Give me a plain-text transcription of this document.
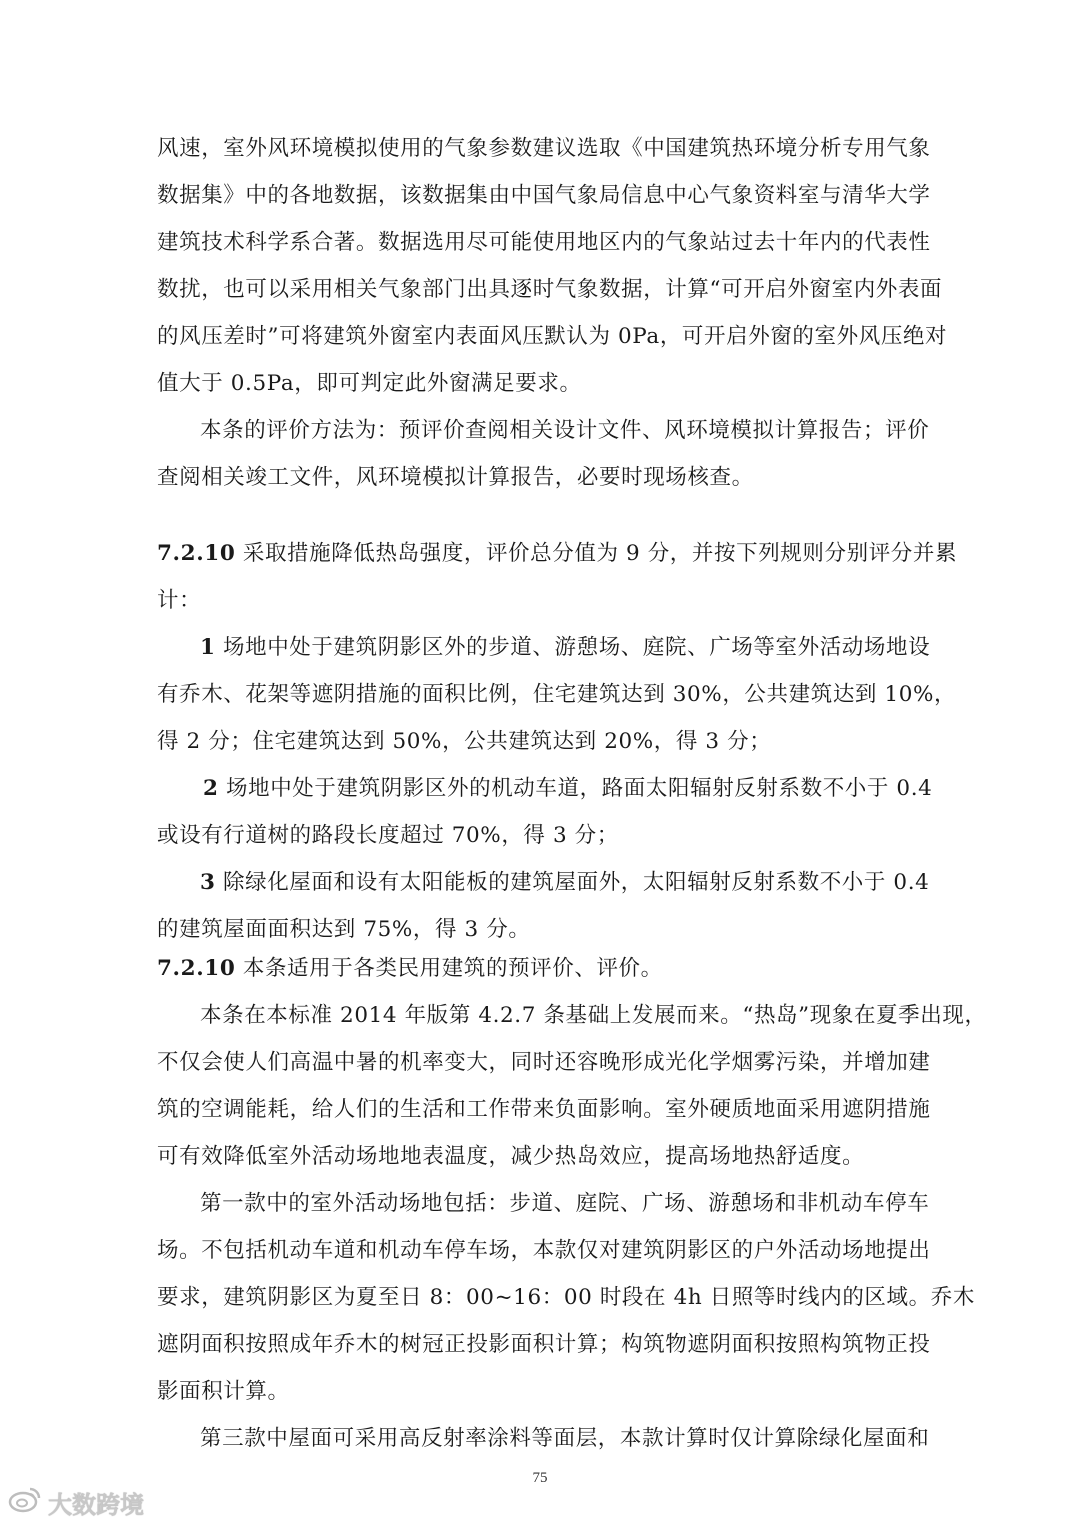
风速，室外风环境模拟使用的气象参数建议选取《中国建筑热环境分析专用气象
数据集》中的各地数据，该数据集由中国气象局信息中心气象资料室与清华大学
建筑技术科学系合著。数据选用尽可能使用地区内的气象站过去十年内的代表性
数扰，也可以采用相关气象部门出具逐时气象数据，计算“可开启外窗室内外表面
的风压差时”可将建筑外窗室内表面风压默认为 0Pa，可开启外窗的室外风压绝对
值大于 0.5Pa，即可判定此外窗满足要求。
本条的评价方法为：预评价查阅相关设计文件、风环境模拟计算报告；评价
查阅相关竣工文件，风环境模拟计算报告，必要时现场核查。
7.2.10 采取措施降低热岛强度，评价总分值为 9 分，并按下列规则分别评分并累
计：
1 场地中处于建筑阴影区外的步道、游憩场、庭院、广场等室外活动场地设
有乔木、花架等遮阴措施的面积比例，住宅建筑达到 30%，公共建筑达到 10%，
得 2 分；住宅建筑达到 50%，公共建筑达到 20%，得 3 分；
2 场地中处于建筑阴影区外的机动车道，路面太阳辐射反射系数不小于 0.4
或设有行道树的路段长度超过 70%，得 3 分；
3 除绿化屋面和设有太阳能板的建筑屋面外，太阳辐射反射系数不小于 0.4
的建筑屋面面积达到 75%，得 3 分。
7.2.10 本条适用于各类民用建筑的预评价、评价。
本条在本标准 2014 年版第 4.2.7 条基础上发展而来。“热岛”现象在夏季出现，
不仅会使人们高温中暑的机率变大，同时还容晚形成光化学烟雾污染，并增加建
筑的空调能耗，给人们的生活和工作带来负面影响。室外硬质地面采用遮阴措施
可有效降低室外活动场地地表温度，减少热岛效应，提高场地热舒适度。
第一款中的室外活动场地包括：步道、庭院、广场、游憩场和非机动车停车
场。不包括机动车道和机动车停车场，本款仅对建筑阴影区的户外活动场地提出
要求，建筑阴影区为夏至日 8：00~16：00 时段在 4h 日照等时线内的区域。乔木
遮阴面积按照成年乔木的树冠正投影面积计算；构筑物遮阴面积按照构筑物正投
影面积计算。
第三款中屋面可采用高反射率涂料等面层，本款计算时仅计算除绿化屋面和
75
大数跨境
